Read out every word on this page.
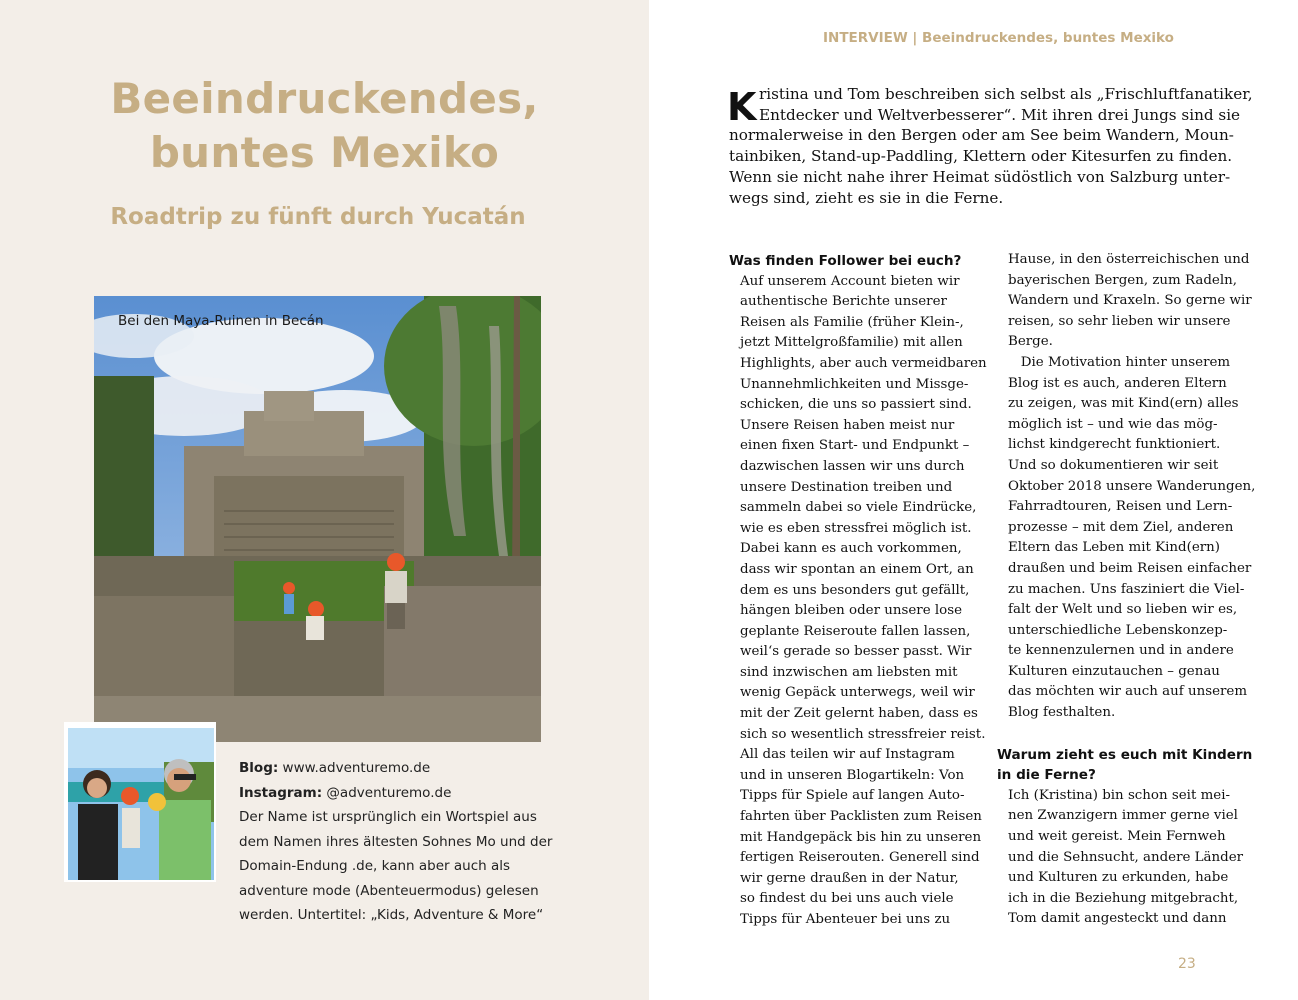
Beeindruckendes,
buntes Mexiko
Roadtrip zu fünft durch Yucatán
Bei den Maya-Ruinen in Becán

Blog: www.adventuremo.de

Instagram: @adventuremo.de

Der Name ist ursprünglich ein Wortspiel aus

dem Namen ihres ältesten Sohnes Mo und der

Domain-Endung .de, kann aber auch als

adventure mode (Abenteuermodus) gelesen

werden. Untertitel: „Kids, Adventure & More“

INTERVIEW | Beeindruckendes, buntes Mexiko
K ristina und Tom beschreiben sich selbst als „Frischluftfanatiker,
Entdecker und Weltverbesserer“. Mit ihren drei Jungs sind sie
normalerweise in den Bergen oder am See beim Wandern, Moun-
tainbiken, Stand-up-Paddling, Klettern oder Kitesurfen zu finden.
Wenn sie nicht nahe ihrer Heimat südöstlich von Salzburg unter-
wegs sind, zieht es sie in die Ferne.
Was finden Follower bei euch?
Auf unserem Account bieten wir
authentische Berichte unserer
Reisen als Familie (früher Klein-,
jetzt Mittelgroßfamilie) mit allen
Highlights, aber auch vermeidbaren
Unannehmlichkeiten und Missge-
schicken, die uns so passiert sind.
Unsere Reisen haben meist nur
einen fixen Start- und Endpunkt –
dazwischen lassen wir uns durch
unsere Destination treiben und
sammeln dabei so viele Eindrücke,
wie es eben stressfrei möglich ist.
Dabei kann es auch vorkommen,
dass wir spontan an einem Ort, an
dem es uns besonders gut gefällt,
hängen bleiben oder unsere lose
geplante Reiseroute fallen lassen,
weil‘s gerade so besser passt. Wir
sind inzwischen am liebsten mit
wenig Gepäck unterwegs, weil wir
mit der Zeit gelernt haben, dass es
sich so wesentlich stressfreier reist.
All das teilen wir auf Instagram
und in unseren Blogartikeln: Von
Tipps für Spiele auf langen Auto-
fahrten über Packlisten zum Reisen
mit Handgepäck bis hin zu unseren
fertigen Reiserouten. Generell sind
wir gerne draußen in der Natur,
so findest du bei uns auch viele
Tipps für Abenteuer bei uns zu
Hause, in den österreichischen und
bayerischen Bergen, zum Radeln,
Wandern und Kraxeln. So gerne wir
reisen, so sehr lieben wir unsere
Berge.
Die Motivation hinter unserem
Blog ist es auch, anderen Eltern
zu zeigen, was mit Kind(ern) alles
möglich ist – und wie das mög-
lichst kindgerecht funktioniert.
Und so dokumentieren wir seit
Oktober 2018 unsere Wanderungen,
Fahrradtouren, Reisen und Lern-
prozesse – mit dem Ziel, anderen
Eltern das Leben mit Kind(ern)
draußen und beim Reisen einfacher
zu machen. Uns fasziniert die Viel-
falt der Welt und so lieben wir es,
unterschiedliche Lebenskonzep-
te kennenzulernen und in andere
Kulturen einzutauchen – genau
das möchten wir auch auf unserem
Blog festhalten.
Warum zieht es euch mit Kindern
in die Ferne?
Ich (Kristina) bin schon seit mei-
nen Zwanzigern immer gerne viel
und weit gereist. Mein Fernweh
und die Sehnsucht, andere Länder
und Kulturen zu erkunden, habe
ich in die Beziehung mitgebracht,
Tom damit angesteckt und dann
23
